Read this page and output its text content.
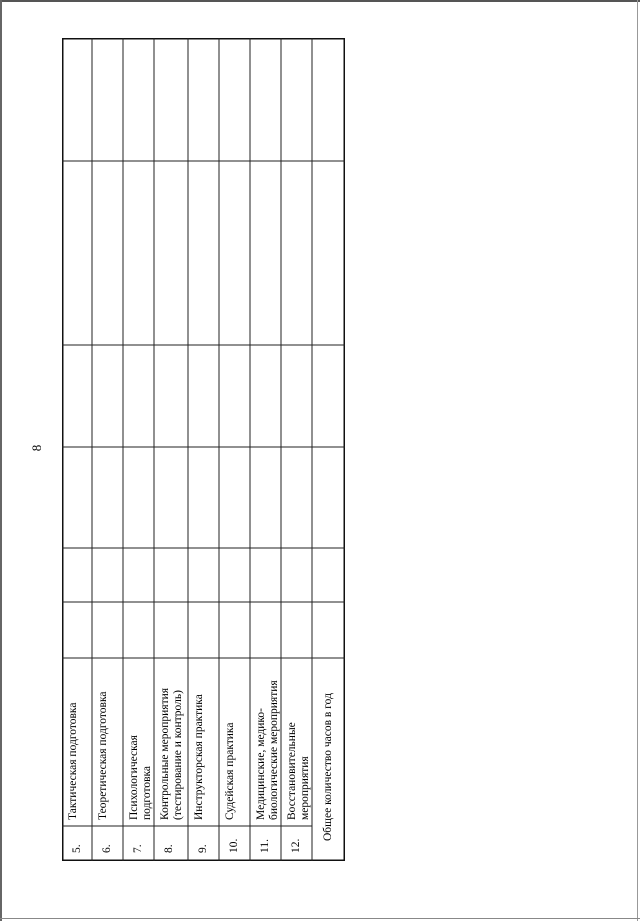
8
Тактическая подготовка
5.
Теоретическая подготовка
6.
Психологическая
подготовка
7.
Контрольные мероприятия
(тестирование и контроль)
8.
Инструкторская практика
9.
Судейская практика
10.
Медицинские, медико-
биологические мероприятия
11.
Восстановительные
мероприятия
12.
Общее количество часов в год
